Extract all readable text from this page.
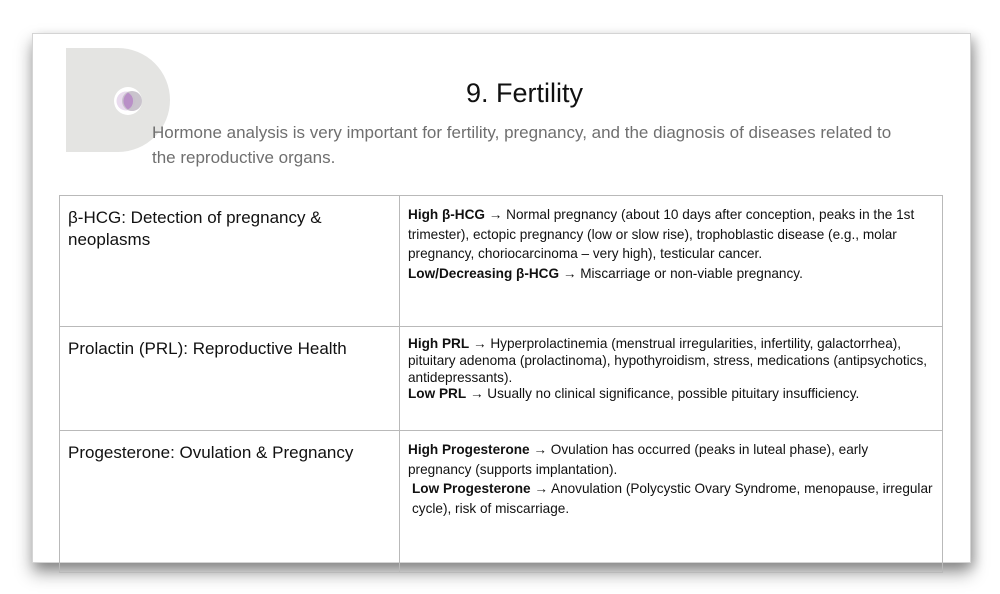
9. Fertility
Hormone analysis is very important for fertility, pregnancy, and the diagnosis of diseases related to the reproductive organs.
β-HCG: Detection of pregnancy & neoplasms	High β-HCG → Normal pregnancy (about 10 days after conception, peaks in the 1st trimester), ectopic pregnancy (low or slow rise), trophoblastic disease (e.g., molar pregnancy, choriocarcinoma – very high), testicular cancer.

Low/Decreasing β-HCG → Miscarriage or non-viable pregnancy.

Prolactin (PRL): Reproductive Health	High PRL → Hyperprolactinemia (menstrual irregularities, infertility, galactorrhea), pituitary adenoma (prolactinoma), hypothyroidism, stress, medications (antipsychotics, antidepressants).

Low PRL → Usually no clinical significance, possible pituitary insufficiency.

Progesterone: Ovulation & Pregnancy	High Progesterone → Ovulation has occurred (peaks in luteal phase), early pregnancy (supports implantation).

Low Progesterone → Anovulation (Polycystic Ovary Syndrome, menopause, irregular cycle), risk of miscarriage.
